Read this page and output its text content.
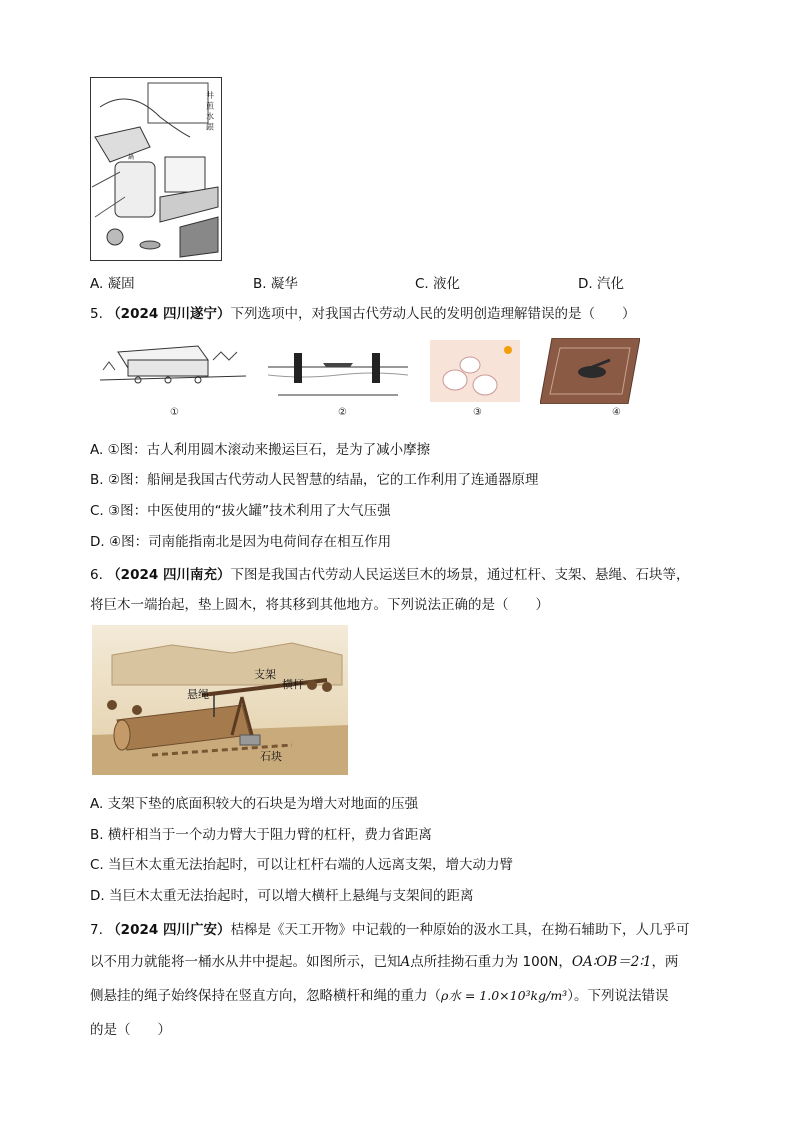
井 煎 水 銀
鍋
A. 凝固	B. 凝华	C. 液化	D. 汽化
5. （2024 四川遂宁）下列选项中，对我国古代劳动人民的发明创造理解错误的是（　　）
①	②	③	④
A. ①图：古人利用圆木滚动来搬运巨石，是为了减小摩擦
B. ②图：船闸是我国古代劳动人民智慧的结晶，它的工作利用了连通器原理
C. ③图：中医使用的“拔火罐”技术利用了大气压强
D. ④图：司南能指南北是因为电荷间存在相互作用
6. （2024 四川南充）下图是我国古代劳动人民运送巨木的场景，通过杠杆、支架、悬绳、石块等，
将巨木一端抬起，垫上圆木，将其移到其他地方。下列说法正确的是（　　）
支架
悬绳
横杆
石块
A. 支架下垫的底面积较大的石块是为增大对地面的压强
B. 横杆相当于一个动力臂大于阻力臂的杠杆，费力省距离
C. 当巨木太重无法抬起时，可以让杠杆右端的人远离支架，增大动力臂
D. 当巨木太重无法抬起时，可以增大横杆上悬绳与支架间的距离
7. （2024 四川广安）桔槔是《天工开物》中记载的一种原始的汲水工具，在拗石辅助下，人几乎可
以不用力就能将一桶水从井中提起。如图所示，已知A点所挂拗石重力为 100N，OA∶OB＝2∶1，两
侧悬挂的绳子始终保持在竖直方向，忽略横杆和绳的重力（ρ水 = 1.0×10³kg/m³）。下列说法错误
的是（　　）
